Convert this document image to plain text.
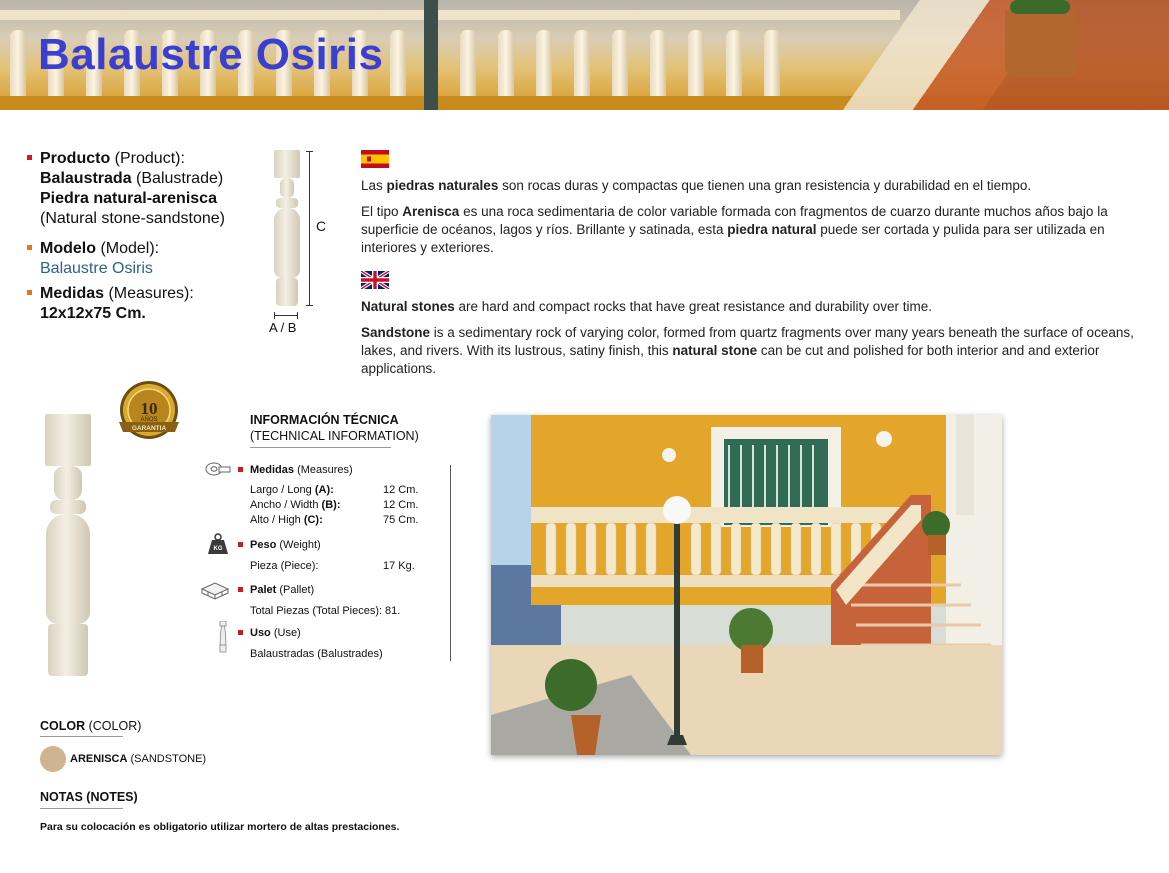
Balaustre Osiris
Producto (Product):
Balaustrada (Balustrade)
Piedra natural-arenisca
(Natural stone-sandstone)
Modelo (Model):
Balaustre Osiris
Medidas (Measures):
12x12x75 Cm.
C
A / B
Las piedras naturales son rocas duras y compactas que tienen una gran resistencia y durabilidad en el tiempo.
El tipo Arenisca es una roca sedimentaria de color variable formada con fragmentos de cuarzo durante muchos años bajo la superficie de océanos, lagos y ríos. Brillante y satinada, esta piedra natural puede ser cortada y pulida para ser utilizada en interiores y exteriores.
Natural stones are hard and compact rocks that have great resistance and durability over time.
Sandstone is a sedimentary rock of varying color, formed from quartz fragments over many years beneath the surface of oceans, lakes, and rivers. With its lustrous, satiny finish, this natural stone can be cut and polished for both interior and and exterior applications.
10
AÑOS
GARANTIA
INFORMACIÓN TÉCNICA
(TECHNICAL INFORMATION)
Medidas (Measures)
Largo / Long (A):	12 Cm.
Ancho / Width (B):	12 Cm.
Alto / High (C):	75 Cm.
KG	Peso (Weight)
Pieza (Piece):	17 Kg.
Palet (Pallet)
Total Piezas (Total Pieces): 81.
Uso (Use)
Balaustradas (Balustrades)
COLOR (COLOR)
ARENISCA (SANDSTONE)
NOTAS (NOTES)
Para su colocación es obligatorio utilizar mortero de altas prestaciones.
